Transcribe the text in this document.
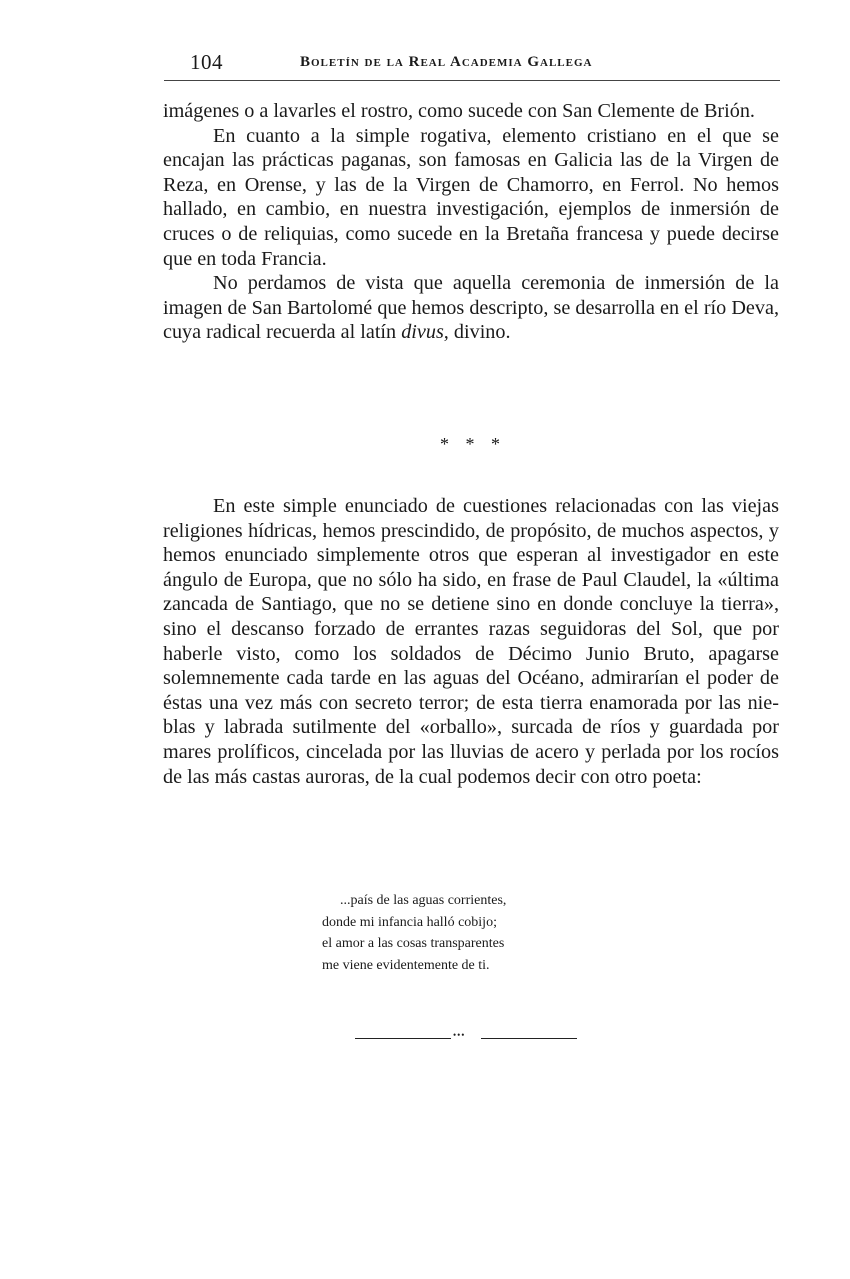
104	Boletín de la Real Academia Gallega

imágenes o a lavarles el rostro, como sucede con San Clemente de Brión.

En cuanto a la simple rogativa, elemento cristiano en el que se encajan las prácticas paganas, son famosas en Galicia las de la Virgen de Reza, en Orense, y las de la Virgen de Chamorro, en Ferrol. No hemos hallado, en cambio, en nuestra investigación, ejemplos de inmersión de cruces o de reliquias, como sucede en la Bretaña francesa y puede decirse que en toda Francia.

No perdamos de vista que aquella ceremonia de inmersión de la imagen de San Bartolomé que hemos descripto, se desarrolla en el río Deva, cuya radical recuerda al latín divus, divino.

* * *

En este simple enunciado de cuestiones relacionadas con las viejas religiones hídricas, hemos prescindido, de propósito, de muchos aspectos, y hemos enunciado simplemente otros que esperan al investigador en este ángulo de Europa, que no sólo ha sido, en frase de Paul Claudel, la «última zancada de Santiago, que no se detiene sino en donde concluye la tierra», sino el descanso forzado de errantes razas seguidoras del Sol, que por haberle visto, como los soldados de Décimo Junio Bruto, apagarse solemnemente cada tarde en las aguas del Océano, admirarían el poder de éstas una vez más con secreto terror; de esta tierra enamorada por las nieblas y labrada sutilmente del «orballo», surcada de ríos y guardada por mares prolíficos, cincelada por las lluvias de acero y perlada por los rocíos de las más castas auroras, de la cual podemos decir con otro poeta:

...país de las aguas corrientes,
donde mi infancia halló cobijo;
el amor a las cosas transparentes
me viene evidentemente de ti.
•••
